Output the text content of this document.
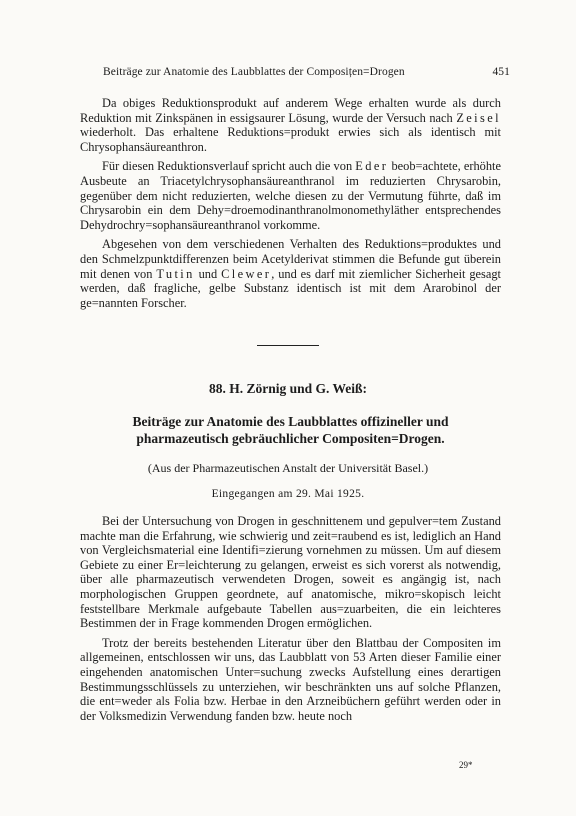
Beiträge zur Anatomie des Laubblattes der Composițen=Drogen	451

Da obiges Reduktionsprodukt auf anderem Wege erhalten wurde als durch Reduktion mit Zinkspänen in essigsaurer Lösung, wurde der Versuch nach Zeisel wiederholt. Das erhaltene Reduktions=produkt erwies sich als identisch mit Chrysophansäureanthron.

Für diesen Reduktionsverlauf spricht auch die von Eder beob=achtete, erhöhte Ausbeute an Triacetylchrysophansäureanthranol im reduzierten Chrysarobin, gegenüber dem nicht reduzierten, welche diesen zu der Vermutung führte, daß im Chrysarobin ein dem Dehy=droemodinanthranolmonomethyläther entsprechendes Dehydrochry=sophansäureanthranol vorkomme.

Abgesehen von dem verschiedenen Verhalten des Reduktions=produktes und den Schmelzpunktdifferenzen beim Acetylderivat stimmen die Befunde gut überein mit denen von Tutin und Clewer, und es darf mit ziemlicher Sicherheit gesagt werden, daß fragliche, gelbe Substanz identisch ist mit dem Ararobinol der ge=nannten Forscher.

88. H. Zörnig und G. Weiß:
Beiträge zur Anatomie des Laubblattes offizineller und
pharmazeutisch gebräuchlicher Compositen=Drogen.
(Aus der Pharmazeutischen Anstalt der Universität Basel.)
Eingegangen am 29. Mai 1925.

Bei der Untersuchung von Drogen in geschnittenem und gepulver=tem Zustand machte man die Erfahrung, wie schwierig und zeit=raubend es ist, lediglich an Hand von Vergleichsmaterial eine Identifi=zierung vornehmen zu müssen. Um auf diesem Gebiete zu einer Er=leichterung zu gelangen, erweist es sich vorerst als notwendig, über alle pharmazeutisch verwendeten Drogen, soweit es angängig ist, nach morphologischen Gruppen geordnete, auf anatomische, mikro=skopisch leicht feststellbare Merkmale aufgebaute Tabellen aus=zuarbeiten, die ein leichteres Bestimmen der in Frage kommenden Drogen ermöglichen.

Trotz der bereits bestehenden Literatur über den Blattbau der Compositen im allgemeinen, entschlossen wir uns, das Laubblatt von 53 Arten dieser Familie einer eingehenden anatomischen Unter=suchung zwecks Aufstellung eines derartigen Bestimmungsschlüssels zu unterziehen, wir beschränkten uns auf solche Pflanzen, die ent=weder als Folia bzw. Herbae in den Arzneibüchern geführt werden oder in der Volksmedizin Verwendung fanden bzw. heute noch

29*
